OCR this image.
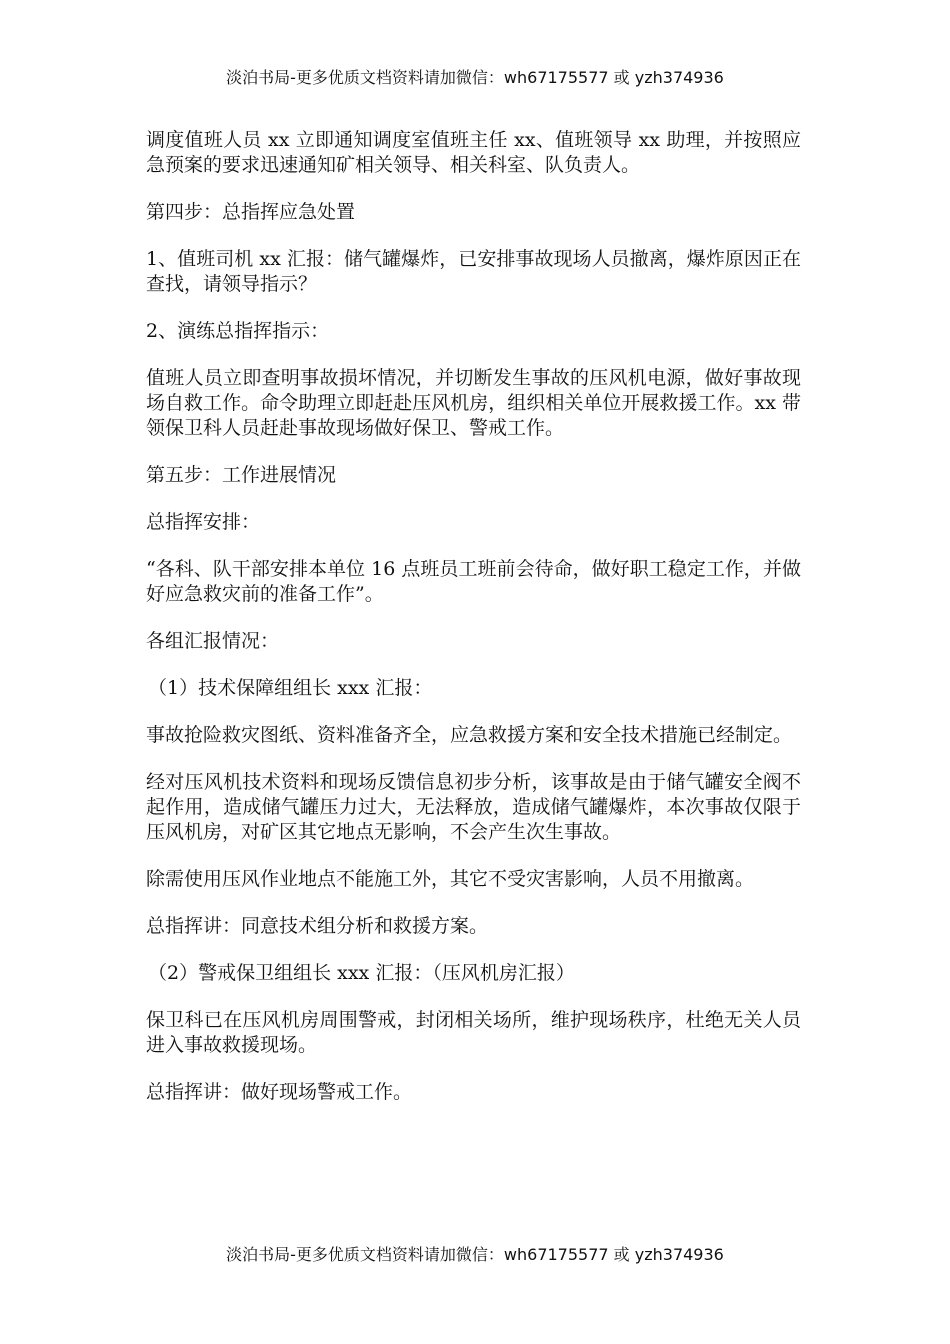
淡泊书局-更多优质文档资料请加微信：wh67175577 或 yzh374936

调度值班人员 xx 立即通知调度室值班主任 xx、值班领导 xx 助理，并按照应急预案的要求迅速通知矿相关领导、相关科室、队负责人。

第四步：总指挥应急处置

1、值班司机 xx 汇报：储气罐爆炸，已安排事故现场人员撤离，爆炸原因正在查找，请领导指示？

2、演练总指挥指示：

值班人员立即查明事故损坏情况，并切断发生事故的压风机电源，做好事故现场自救工作。命令助理立即赶赴压风机房，组织相关单位开展救援工作。xx 带领保卫科人员赶赴事故现场做好保卫、警戒工作。

第五步：工作进展情况

总指挥安排：

“各科、队干部安排本单位 16 点班员工班前会待命，做好职工稳定工作，并做好应急救灾前的准备工作”。

各组汇报情况：

（1）技术保障组组长 xxx 汇报：

事故抢险救灾图纸、资料准备齐全，应急救援方案和安全技术措施已经制定。

经对压风机技术资料和现场反馈信息初步分析，该事故是由于储气罐安全阀不起作用，造成储气罐压力过大，无法释放，造成储气罐爆炸，本次事故仅限于压风机房，对矿区其它地点无影响，不会产生次生事故。

除需使用压风作业地点不能施工外，其它不受灾害影响，人员不用撤离。

总指挥讲：同意技术组分析和救援方案。

（2）警戒保卫组组长 xxx 汇报：（压风机房汇报）

保卫科已在压风机房周围警戒，封闭相关场所，维护现场秩序，杜绝无关人员进入事故救援现场。

总指挥讲：做好现场警戒工作。

淡泊书局-更多优质文档资料请加微信：wh67175577 或 yzh374936
